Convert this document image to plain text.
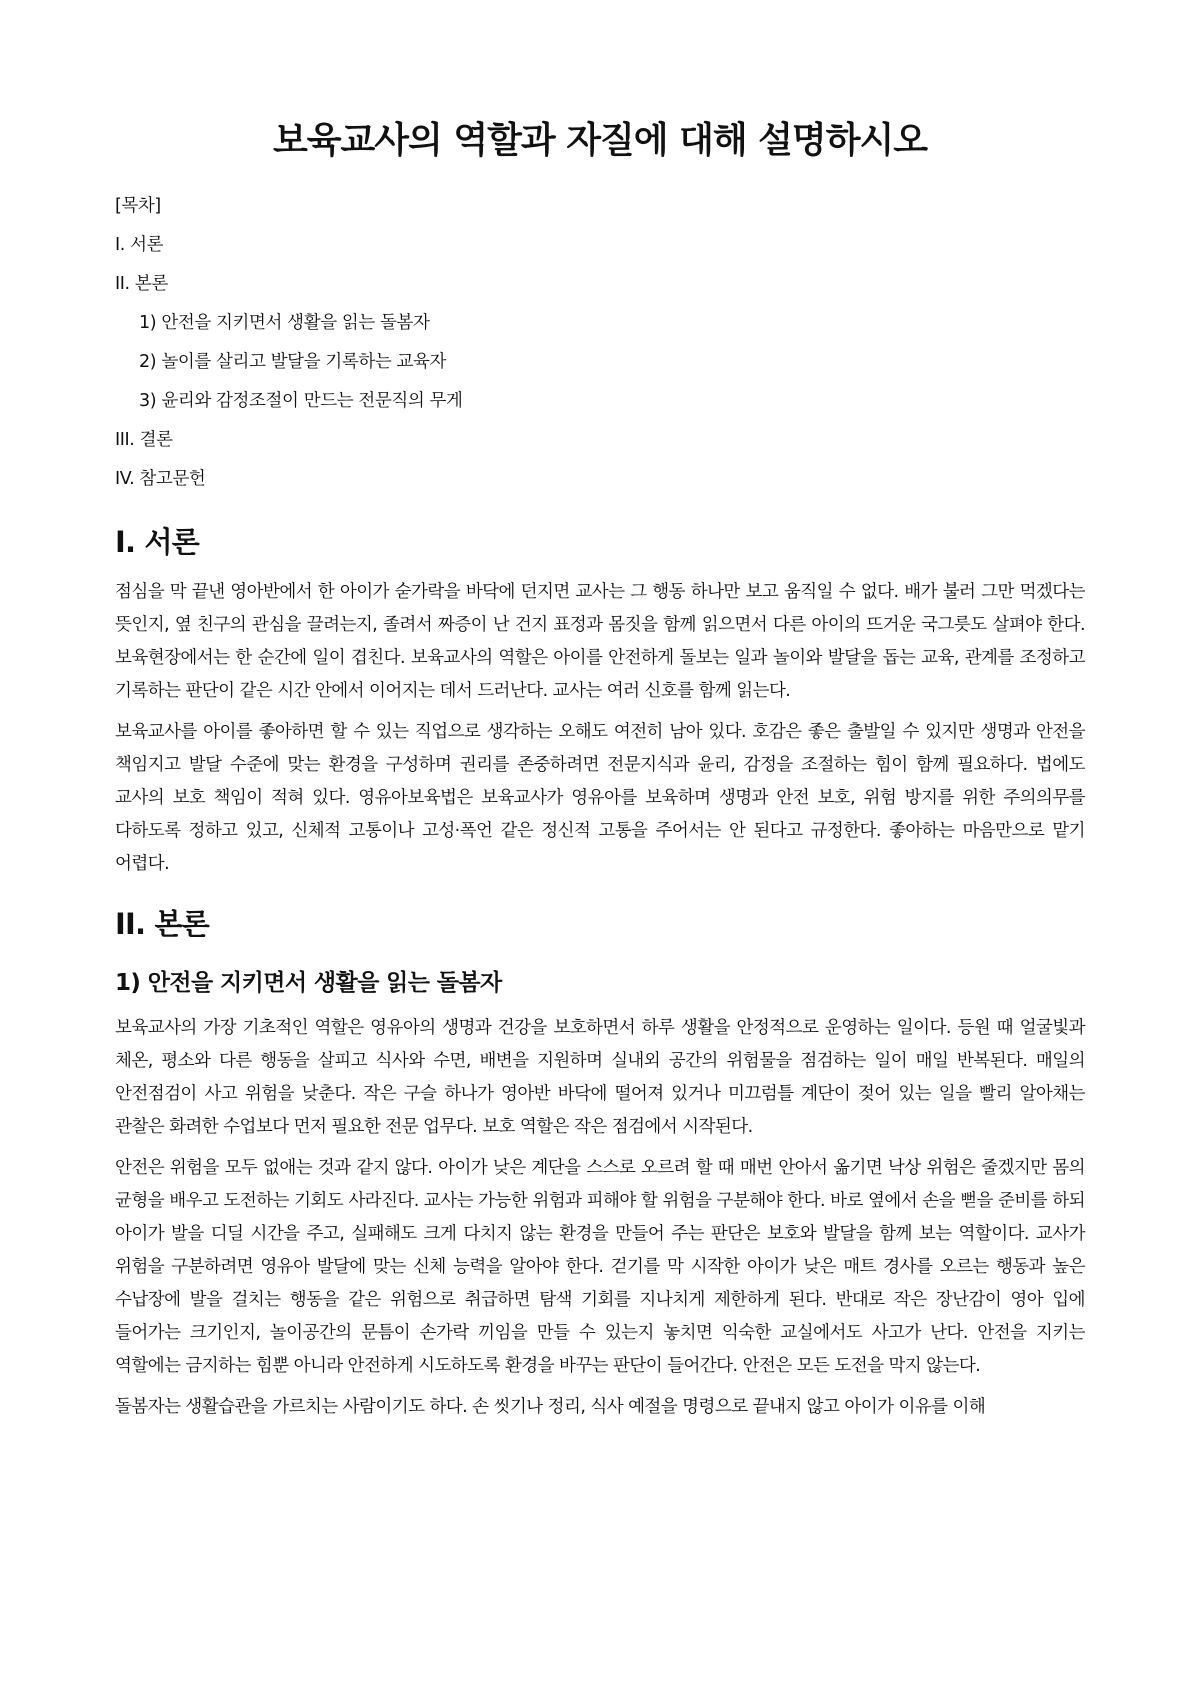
보육교사의 역할과 자질에 대해 설명하시오
[목차]
I. 서론
II. 본론
1) 안전을 지키면서 생활을 읽는 돌봄자
2) 놀이를 살리고 발달을 기록하는 교육자
3) 윤리와 감정조절이 만드는 전문직의 무게
III. 결론
IV. 참고문헌
I. 서론

점심을 막 끝낸 영아반에서 한 아이가 숟가락을 바닥에 던지면 교사는 그 행동 하나만 보고 움직일 수 없다. 배가 불러 그만 먹겠다는 뜻인지, 옆 친구의 관심을 끌려는지, 졸려서 짜증이 난 건지 표정과 몸짓을 함께 읽으면서 다른 아이의 뜨거운 국그릇도 살펴야 한다. 보육현장에서는 한 순간에 일이 겹친다. 보육교사의 역할은 아이를 안전하게 돌보는 일과 놀이와 발달을 돕는 교육, 관계를 조정하고 기록하는 판단이 같은 시간 안에서 이어지는 데서 드러난다. 교사는 여러 신호를 함께 읽는다.

보육교사를 아이를 좋아하면 할 수 있는 직업으로 생각하는 오해도 여전히 남아 있다. 호감은 좋은 출발일 수 있지만 생명과 안전을 책임지고 발달 수준에 맞는 환경을 구성하며 권리를 존중하려면 전문지식과 윤리, 감정을 조절하는 힘이 함께 필요하다. 법에도 교사의 보호 책임이 적혀 있다. 영유아보육법은 보육교사가 영유아를 보육하며 생명과 안전 보호, 위험 방지를 위한 주의의무를 다하도록 정하고 있고, 신체적 고통이나 고성·폭언 같은 정신적 고통을 주어서는 안 된다고 규정한다. 좋아하는 마음만으로 맡기 어렵다.

II. 본론
1) 안전을 지키면서 생활을 읽는 돌봄자

보육교사의 가장 기초적인 역할은 영유아의 생명과 건강을 보호하면서 하루 생활을 안정적으로 운영하는 일이다. 등원 때 얼굴빛과 체온, 평소와 다른 행동을 살피고 식사와 수면, 배변을 지원하며 실내외 공간의 위험물을 점검하는 일이 매일 반복된다. 매일의 안전점검이 사고 위험을 낮춘다. 작은 구슬 하나가 영아반 바닥에 떨어져 있거나 미끄럼틀 계단이 젖어 있는 일을 빨리 알아채는 관찰은 화려한 수업보다 먼저 필요한 전문 업무다. 보호 역할은 작은 점검에서 시작된다.

안전은 위험을 모두 없애는 것과 같지 않다. 아이가 낮은 계단을 스스로 오르려 할 때 매번 안아서 옮기면 낙상 위험은 줄겠지만 몸의 균형을 배우고 도전하는 기회도 사라진다. 교사는 가능한 위험과 피해야 할 위험을 구분해야 한다. 바로 옆에서 손을 뻗을 준비를 하되 아이가 발을 디딜 시간을 주고, 실패해도 크게 다치지 않는 환경을 만들어 주는 판단은 보호와 발달을 함께 보는 역할이다. 교사가 위험을 구분하려면 영유아 발달에 맞는 신체 능력을 알아야 한다. 걷기를 막 시작한 아이가 낮은 매트 경사를 오르는 행동과 높은 수납장에 발을 걸치는 행동을 같은 위험으로 취급하면 탐색 기회를 지나치게 제한하게 된다. 반대로 작은 장난감이 영아 입에 들어가는 크기인지, 놀이공간의 문틈이 손가락 끼임을 만들 수 있는지 놓치면 익숙한 교실에서도 사고가 난다. 안전을 지키는 역할에는 금지하는 힘뿐 아니라 안전하게 시도하도록 환경을 바꾸는 판단이 들어간다. 안전은 모든 도전을 막지 않는다.

돌봄자는 생활습관을 가르치는 사람이기도 하다. 손 씻기나 정리, 식사 예절을 명령으로 끝내지 않고 아이가 이유를 이해
